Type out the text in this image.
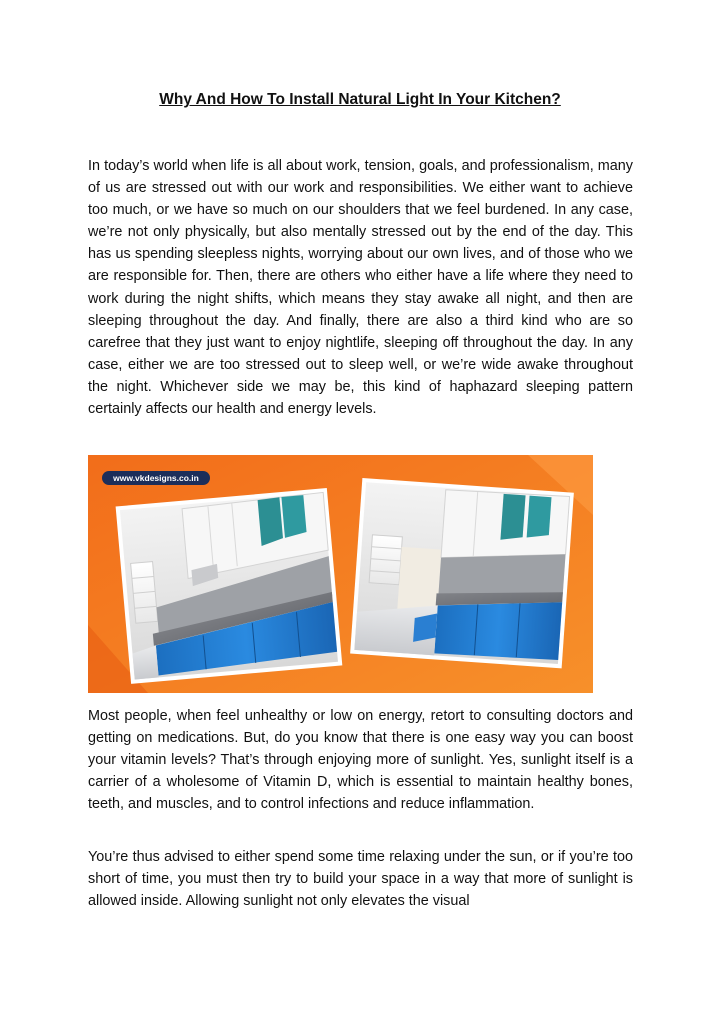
Why And How To Install Natural Light In Your Kitchen?

In today’s world when life is all about work, tension, goals, and professionalism, many of us are stressed out with our work and responsibilities. We either want to achieve too much, or we have so much on our shoulders that we feel burdened. In any case, we’re not only physically, but also mentally stressed out by the end of the day. This has us spending sleepless nights, worrying about our own lives, and of those who we are responsible for. Then, there are others who either have a life where they need to work during the night shifts, which means they stay awake all night, and then are sleeping throughout the day. And finally, there are also a third kind who are so carefree that they just want to enjoy nightlife, sleeping off throughout the day. In any case, either we are too stressed out to sleep well, or we’re wide awake throughout the night. Whichever side we may be, this kind of haphazard sleeping pattern certainly affects our health and energy levels.

www.vkdesigns.co.in

Most people, when feel unhealthy or low on energy, retort to consulting doctors and getting on medications. But, do you know that there is one easy way you can boost your vitamin levels? That’s through enjoying more of sunlight. Yes, sunlight itself is a carrier of a wholesome of Vitamin D, which is essential to maintain healthy bones, teeth, and muscles, and to control infections and reduce inflammation.

You’re thus advised to either spend some time relaxing under the sun, or if you’re too short of time, you must then try to build your space in a way that more of sunlight is allowed inside. Allowing sunlight not only elevates the visual
